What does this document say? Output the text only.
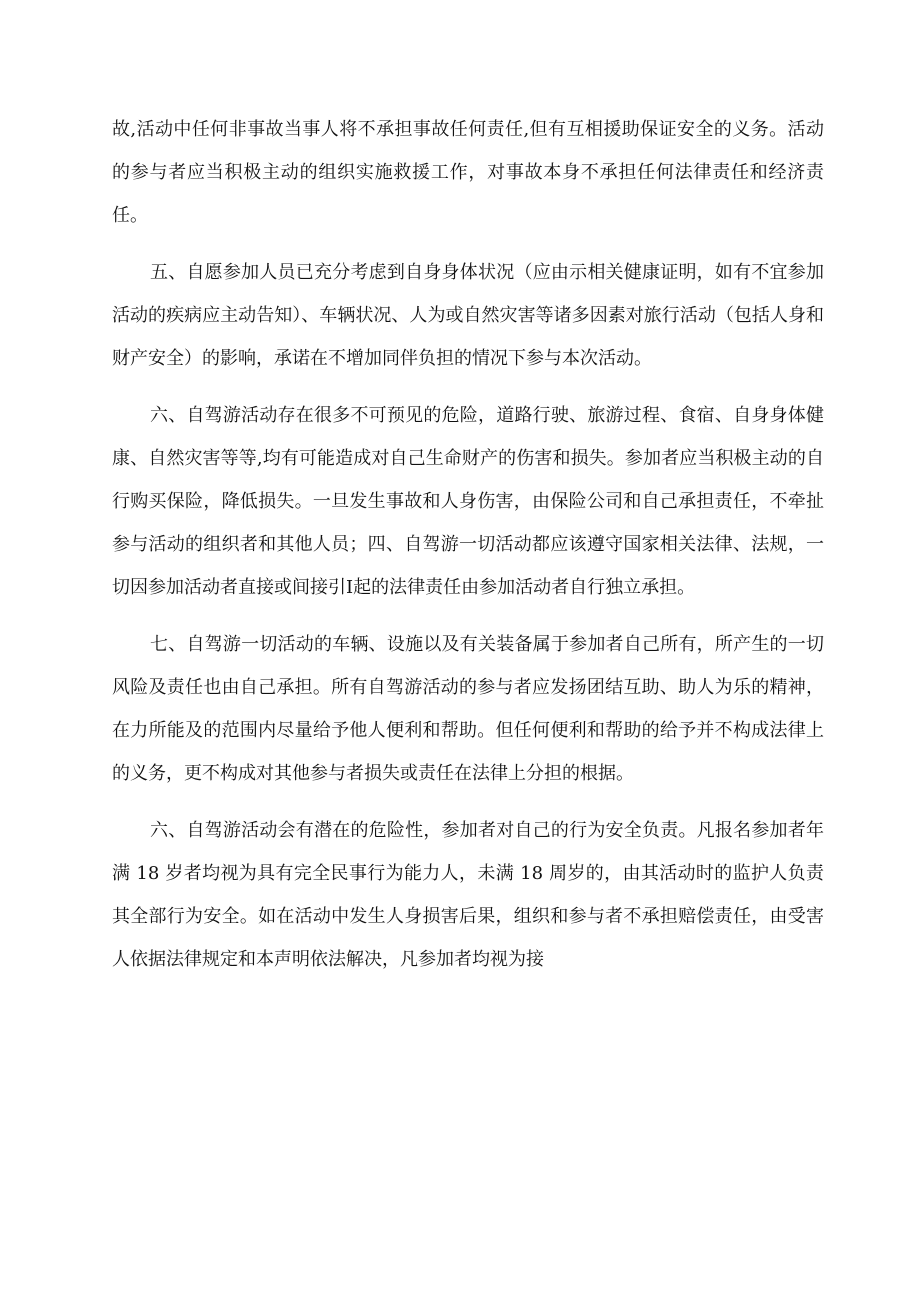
故,活动中任何非事故当事人将不承担事故任何责任,但有互相援助保证安全的义务。活动的参与者应当积极主动的组织实施救援工作，对事故本身不承担任何法律责任和经济责任。

五、自愿参加人员已充分考虑到自身身体状况（应由示相关健康证明，如有不宜参加活动的疾病应主动告知）、车辆状况、人为或自然灾害等诸多因素对旅行活动（包括人身和财产安全）的影响，承诺在不增加同伴负担的情况下参与本次活动。

六、自驾游活动存在很多不可预见的危险，道路行驶、旅游过程、食宿、自身身体健康、自然灾害等等,均有可能造成对自己生命财产的伤害和损失。参加者应当积极主动的自行购买保险，降低损失。一旦发生事故和人身伤害，由保险公司和自己承担责任，不牵扯参与活动的组织者和其他人员；四、自驾游一切活动都应该遵守国家相关法律、法规，一切因参加活动者直接或间接引I起的法律责任由参加活动者自行独立承担。

七、自驾游一切活动的车辆、设施以及有关装备属于参加者自己所有，所产生的一切风险及责任也由自己承担。所有自驾游活动的参与者应发扬团结互助、助人为乐的精神，在力所能及的范围内尽量给予他人便利和帮助。但任何便利和帮助的给予并不构成法律上的义务，更不构成对其他参与者损失或责任在法律上分担的根据。

六、自驾游活动会有潜在的危险性，参加者对自己的行为安全负责。凡报名参加者年满 18 岁者均视为具有完全民事行为能力人，未满 18 周岁的，由其活动时的监护人负责其全部行为安全。如在活动中发生人身损害后果，组织和参与者不承担赔偿责任，由受害人依据法律规定和本声明依法解决，凡参加者均视为接
